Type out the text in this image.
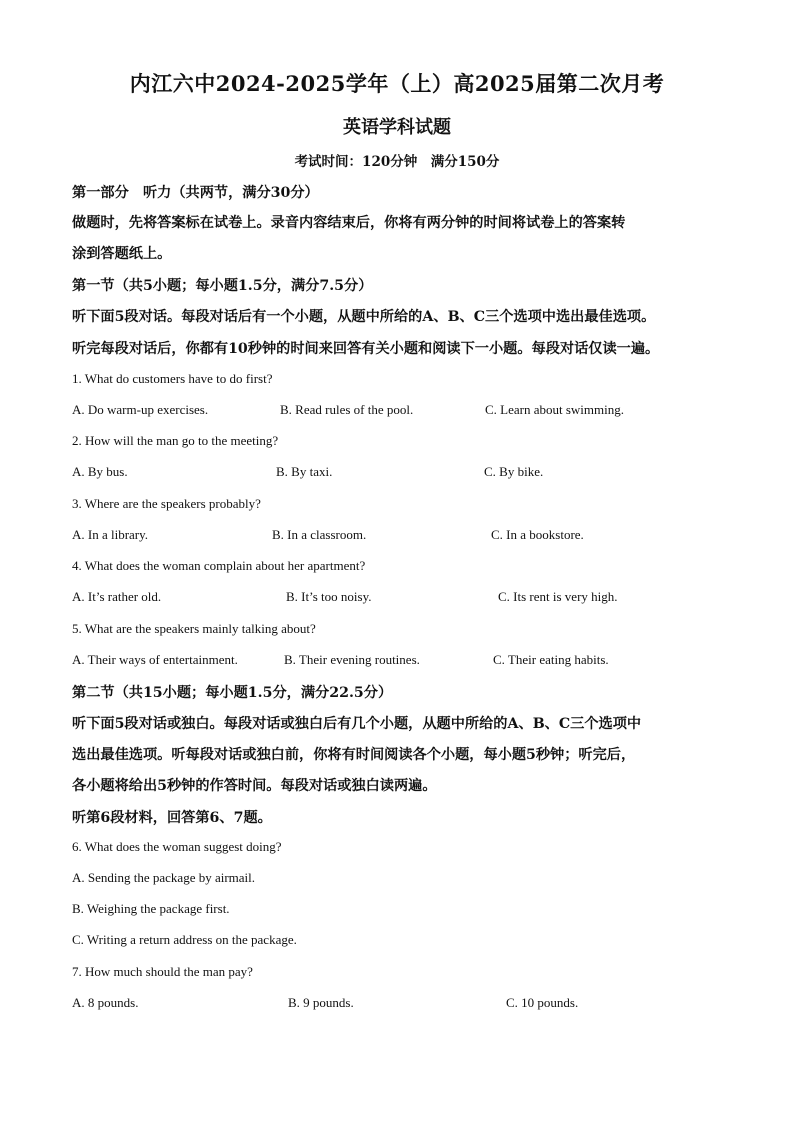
内江六中2024-2025学年（上）高2025届第二次月考
英语学科试题
考试时间：120分钟　满分150分
第一部分　听力（共两节，满分30分）
做题时，先将答案标在试卷上。录音内容结束后，你将有两分钟的时间将试卷上的答案转
涂到答题纸上。
第一节（共5小题；每小题1.5分，满分7.5分）
听下面5段对话。每段对话后有一个小题，从题中所给的A、B、C三个选项中选出最佳选项。
听完每段对话后，你都有10秒钟的时间来回答有关小题和阅读下一小题。每段对话仅读一遍。
1. What do customers have to do first?
A. Do warm-up exercises.	B. Read rules of the pool.	C. Learn about swimming.
2. How will the man go to the meeting?
A. By bus.	B. By taxi.	C. By bike.
3. Where are the speakers probably?
A. In a library.	B. In a classroom.	C. In a bookstore.
4. What does the woman complain about her apartment?
A. It’s rather old.	B. It’s too noisy.	C. Its rent is very high.
5. What are the speakers mainly talking about?
A. Their ways of entertainment.	B. Their evening routines.	C. Their eating habits.
第二节（共15小题；每小题1.5分，满分22.5分）
听下面5段对话或独白。每段对话或独白后有几个小题，从题中所给的A、B、C三个选项中
选出最佳选项。听每段对话或独白前，你将有时间阅读各个小题，每小题5秒钟；听完后，
各小题将给出5秒钟的作答时间。每段对话或独白读两遍。
听第6段材料，回答第6、7题。
6. What does the woman suggest doing?
A. Sending the package by airmail.
B. Weighing the package first.
C. Writing a return address on the package.
7. How much should the man pay?
A. 8 pounds.	B. 9 pounds.	C. 10 pounds.
